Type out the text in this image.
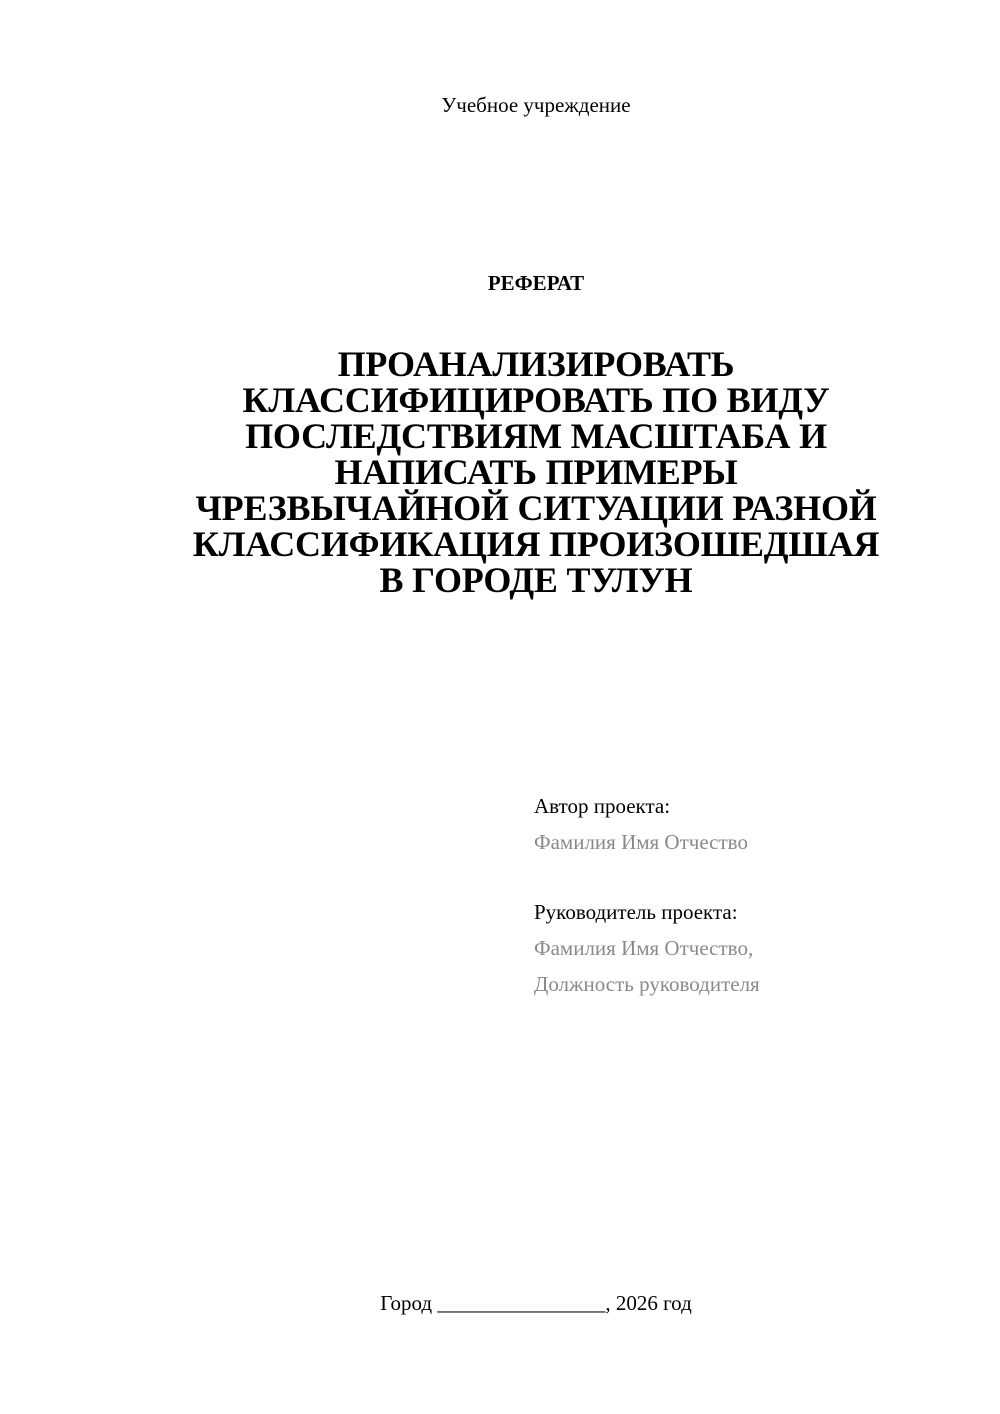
Учебное учреждение
РЕФЕРАТ
ПРОАНАЛИЗИРОВАТЬ
КЛАССИФИЦИРОВАТЬ ПО ВИДУ
ПОСЛЕДСТВИЯМ МАСШТАБА И
НАПИСАТЬ ПРИМЕРЫ
ЧРЕЗВЫЧАЙНОЙ СИТУАЦИИ РАЗНОЙ
КЛАССИФИКАЦИЯ ПРОИЗОШЕДШАЯ
В ГОРОДЕ ТУЛУН
Автор проекта:
Фамилия Имя Отчество
Руководитель проекта:
Фамилия Имя Отчество,
Должность руководителя
Город ________________, 2026 год
